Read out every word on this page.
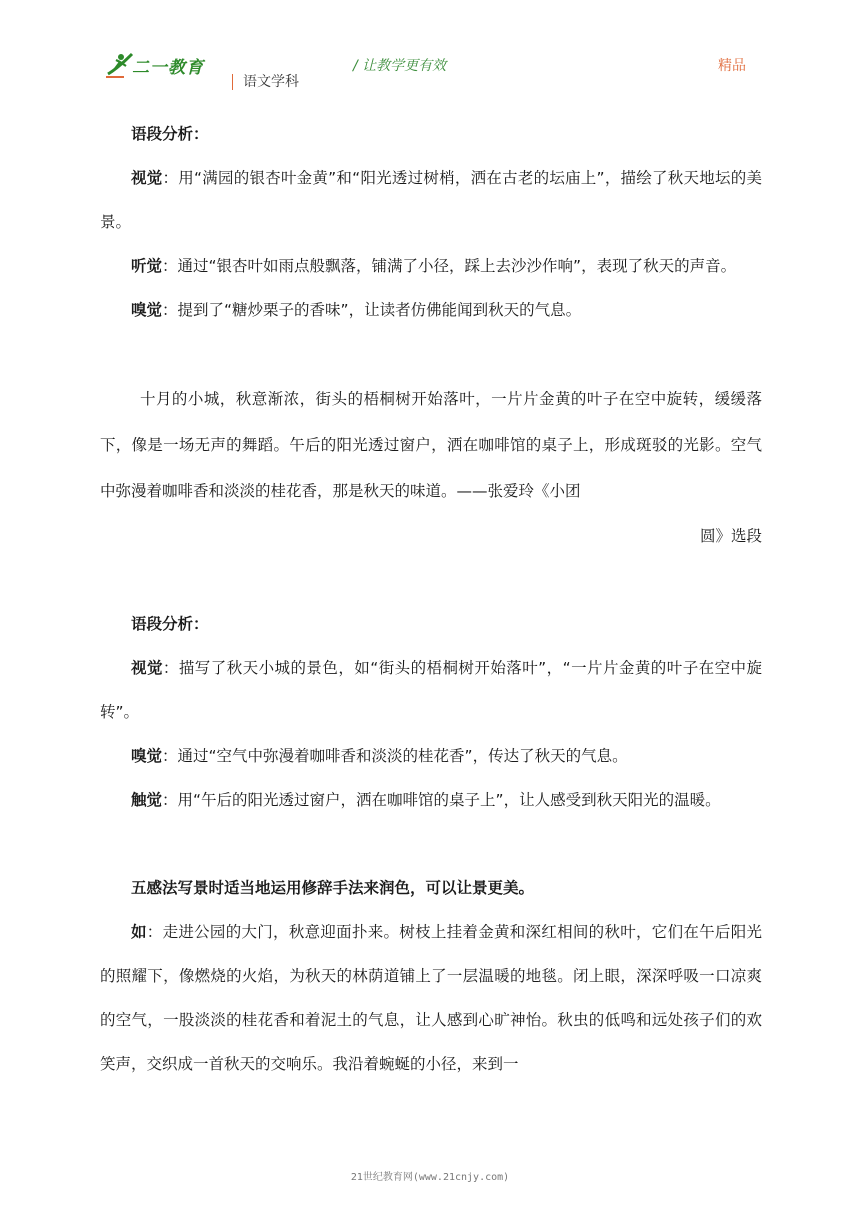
二一教育
语文学科
/ 让教学更有效	精品

语段分析：

视觉：用“满园的银杏叶金黄”和“阳光透过树梢，洒在古老的坛庙上”，描绘了秋天地坛的美景。

听觉：通过“银杏叶如雨点般飘落，铺满了小径，踩上去沙沙作响”，表现了秋天的声音。

嗅觉：提到了“糖炒栗子的香味”，让读者仿佛能闻到秋天的气息。

十月的小城，秋意渐浓，街头的梧桐树开始落叶，一片片金黄的叶子在空中旋转，缓缓落下，像是一场无声的舞蹈。午后的阳光透过窗户，洒在咖啡馆的桌子上，形成斑驳的光影。空气中弥漫着咖啡香和淡淡的桂花香，那是秋天的味道。——张爱玲《小团

圆》选段

语段分析：

视觉：描写了秋天小城的景色，如“街头的梧桐树开始落叶”，“一片片金黄的叶子在空中旋转”。

嗅觉：通过“空气中弥漫着咖啡香和淡淡的桂花香”，传达了秋天的气息。

触觉：用“午后的阳光透过窗户，洒在咖啡馆的桌子上”，让人感受到秋天阳光的温暖。

五感法写景时适当地运用修辞手法来润色，可以让景更美。

如：走进公园的大门，秋意迎面扑来。树枝上挂着金黄和深红相间的秋叶，它们在午后阳光的照耀下，像燃烧的火焰，为秋天的林荫道铺上了一层温暖的地毯。闭上眼，深深呼吸一口凉爽的空气，一股淡淡的桂花香和着泥土的气息，让人感到心旷神怡。秋虫的低鸣和远处孩子们的欢笑声，交织成一首秋天的交响乐。我沿着蜿蜒的小径，来到一

21世纪教育网(www.21cnjy.com)
